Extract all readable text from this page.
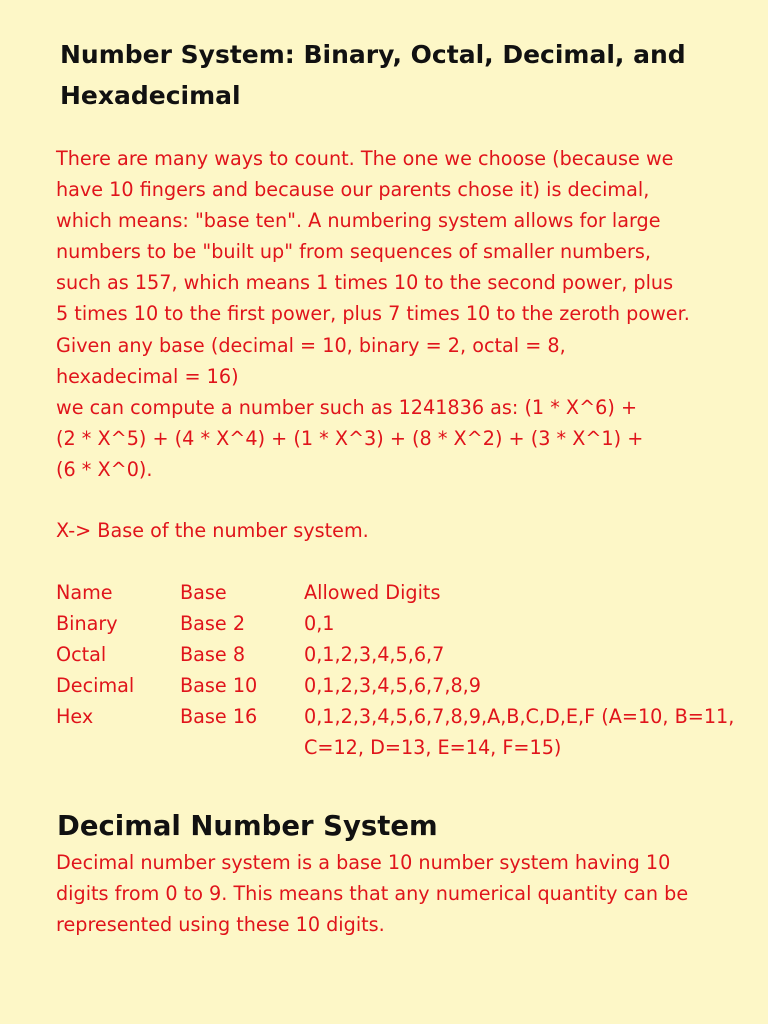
Number System: Binary, Octal, Decimal, and
Hexadecimal

There are many ways to count. The one we choose (because we
have 10 fingers and because our parents chose it) is decimal,
which means: "base ten". A numbering system allows for large
numbers to be "built up" from sequences of smaller numbers,
such as 157, which means 1 times 10 to the second power, plus
5 times 10 to the first power, plus 7 times 10 to the zeroth power.
Given any base (decimal = 10, binary = 2, octal = 8,
hexadecimal = 16)
we can compute a number such as 1241836 as: (1 * X^6) +
(2 * X^5) + (4 * X^4) + (1 * X^3) + (8 * X^2) + (3 * X^1) +
(6 * X^0).

X-> Base of the number system.

Name	Base	Allowed Digits
Binary	Base 2	0,1
Octal	Base 8	0,1,2,3,4,5,6,7
Decimal	Base 10	0,1,2,3,4,5,6,7,8,9
Hex	Base 16	0,1,2,3,4,5,6,7,8,9,A,B,C,D,E,F (A=10, B=11, C=12, D=13, E=14, F=15)
Decimal Number System

Decimal number system is a base 10 number system having 10
digits from 0 to 9. This means that any numerical quantity can be
represented using these 10 digits.
